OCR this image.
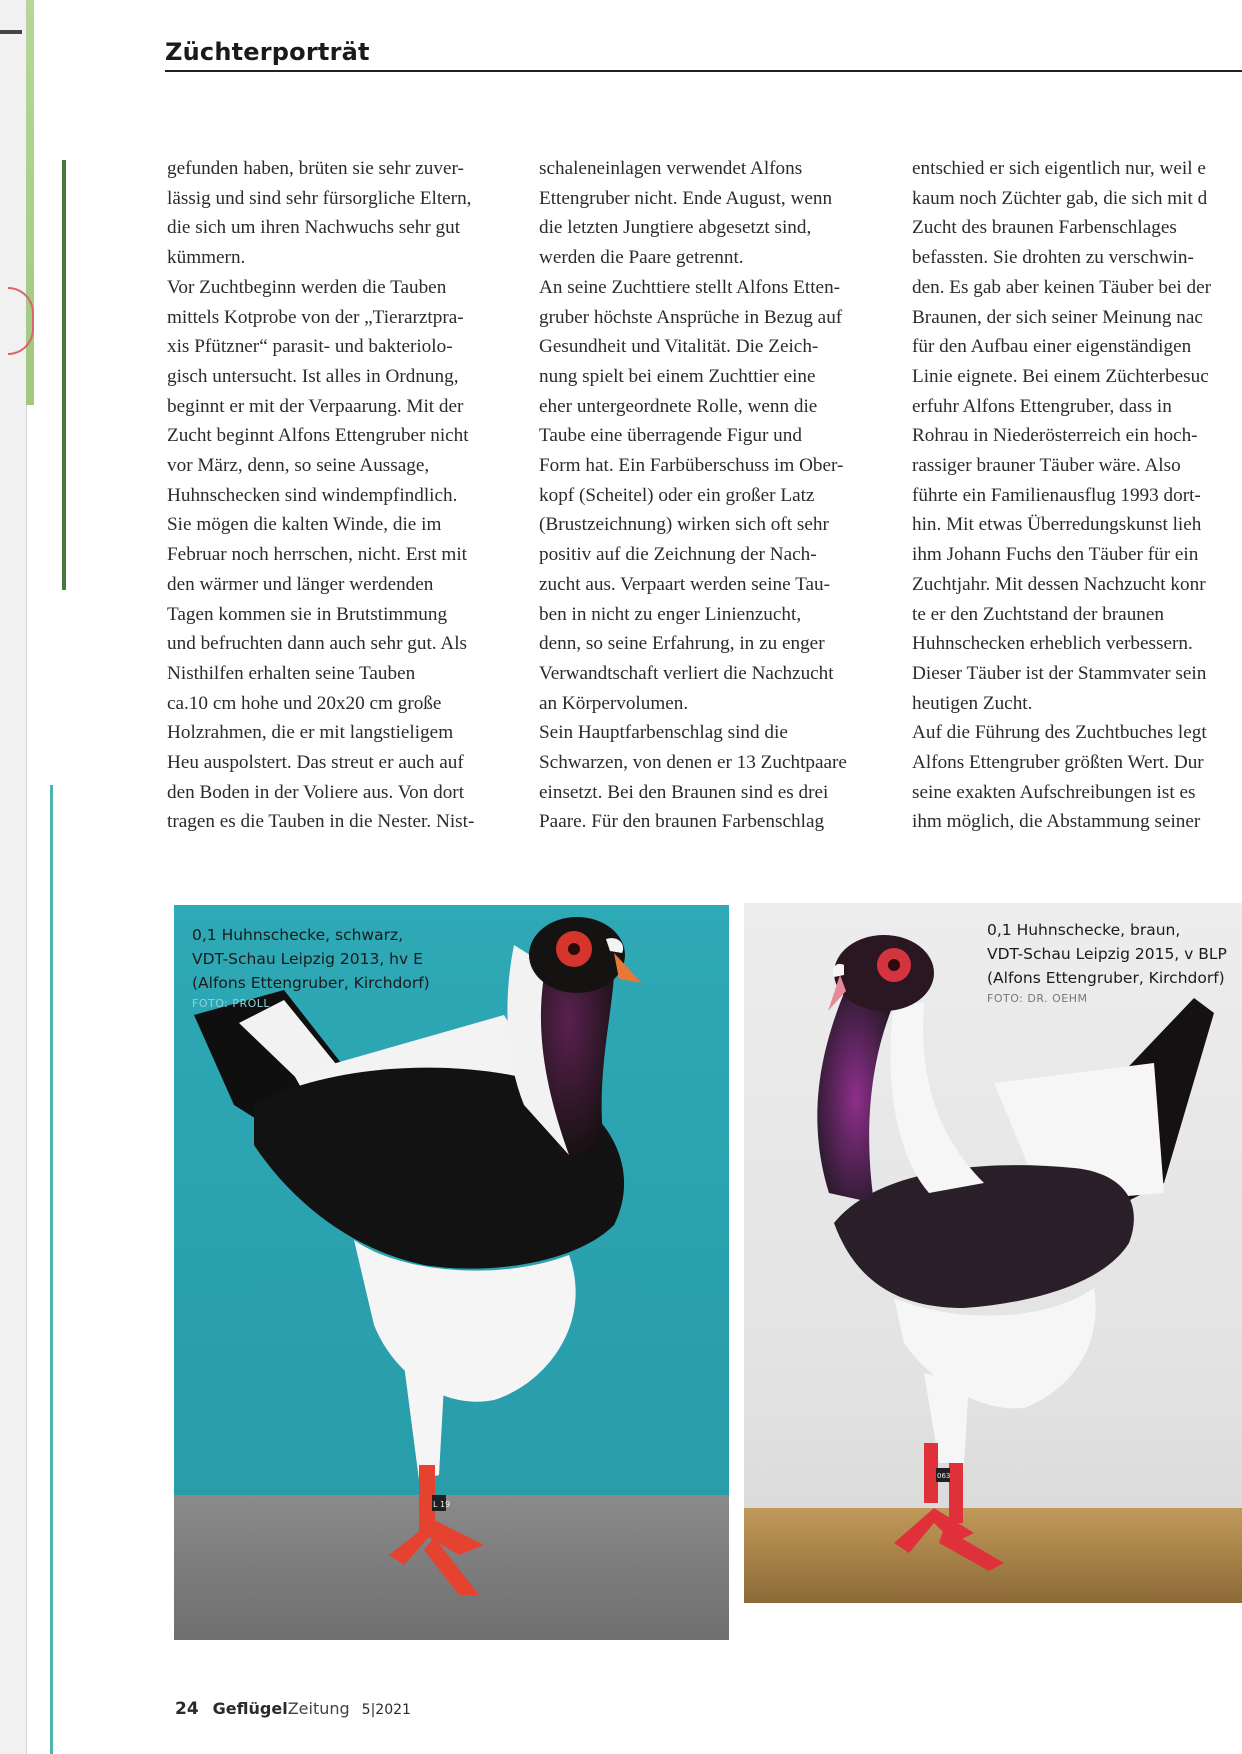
Züchterporträt

gefunden haben, brüten sie sehr zuver-

lässig und sind sehr fürsorgliche Eltern,

die sich um ihren Nachwuchs sehr gut

kümmern.

Vor Zuchtbeginn werden die Tauben

mittels Kotprobe von der „Tierarztpra-

xis Pfützner“ parasit- und bakteriolo-

gisch untersucht. Ist alles in Ordnung,

beginnt er mit der Verpaarung. Mit der

Zucht beginnt Alfons Ettengruber nicht

vor März, denn, so seine Aussage,

Huhnschecken sind windempfindlich.

Sie mögen die kalten Winde, die im

Februar noch herrschen, nicht. Erst mit

den wärmer und länger werdenden

Tagen kommen sie in Brutstimmung

und befruchten dann auch sehr gut. Als

Nisthilfen erhalten seine Tauben

ca.10 cm hohe und 20x20 cm große

Holzrahmen, die er mit langstieligem

Heu auspolstert. Das streut er auch auf

den Boden in der Voliere aus. Von dort

tragen es die Tauben in die Nester. Nist-

schaleneinlagen verwendet Alfons

Ettengruber nicht. Ende August, wenn

die letzten Jungtiere abgesetzt sind,

werden die Paare getrennt.

An seine Zuchttiere stellt Alfons Etten-

gruber höchste Ansprüche in Bezug auf

Gesundheit und Vitalität. Die Zeich-

nung spielt bei einem Zuchttier eine

eher untergeordnete Rolle, wenn die

Taube eine überragende Figur und

Form hat. Ein Farbüberschuss im Ober-

kopf (Scheitel) oder ein großer Latz

(Brustzeichnung) wirken sich oft sehr

positiv auf die Zeichnung der Nach-

zucht aus. Verpaart werden seine Tau-

ben in nicht zu enger Linienzucht,

denn, so seine Erfahrung, in zu enger

Verwandtschaft verliert die Nachzucht

an Körpervolumen.

Sein Hauptfarbenschlag sind die

Schwarzen, von denen er 13 Zuchtpaare

einsetzt. Bei den Braunen sind es drei

Paare. Für den braunen Farbenschlag

entschied er sich eigentlich nur, weil e

kaum noch Züchter gab, die sich mit d

Zucht des braunen Farbenschlages

befassten. Sie drohten zu verschwin-

den. Es gab aber keinen Täuber bei der

Braunen, der sich seiner Meinung nac

für den Aufbau einer eigenständigen

Linie eignete. Bei einem Züchterbesuc

erfuhr Alfons Ettengruber, dass in

Rohrau in Niederösterreich ein hoch-

rassiger brauner Täuber wäre. Also

führte ein Familienausflug 1993 dort-

hin. Mit etwas Überredungskunst lieh

ihm Johann Fuchs den Täuber für ein

Zuchtjahr. Mit dessen Nachzucht konr

te er den Zuchtstand der braunen

Huhnschecken erheblich verbessern.

Dieser Täuber ist der Stammvater sein

heutigen Zucht.

Auf die Führung des Zuchtbuches legt

Alfons Ettengruber größten Wert. Dur

seine exakten Aufschreibungen ist es

ihm möglich, die Abstammung seiner

L 19
0,1 Huhnschecke, schwarz,
VDT-Schau Leipzig 2013, hv E
(Alfons Ettengruber, Kirchdorf)
FOTO: PROLL
063
0,1 Huhnschecke, braun,
VDT-Schau Leipzig 2015, v BLP
(Alfons Ettengruber, Kirchdorf)
FOTO: DR. OEHM
24 GeflügelZeitung 5|2021
